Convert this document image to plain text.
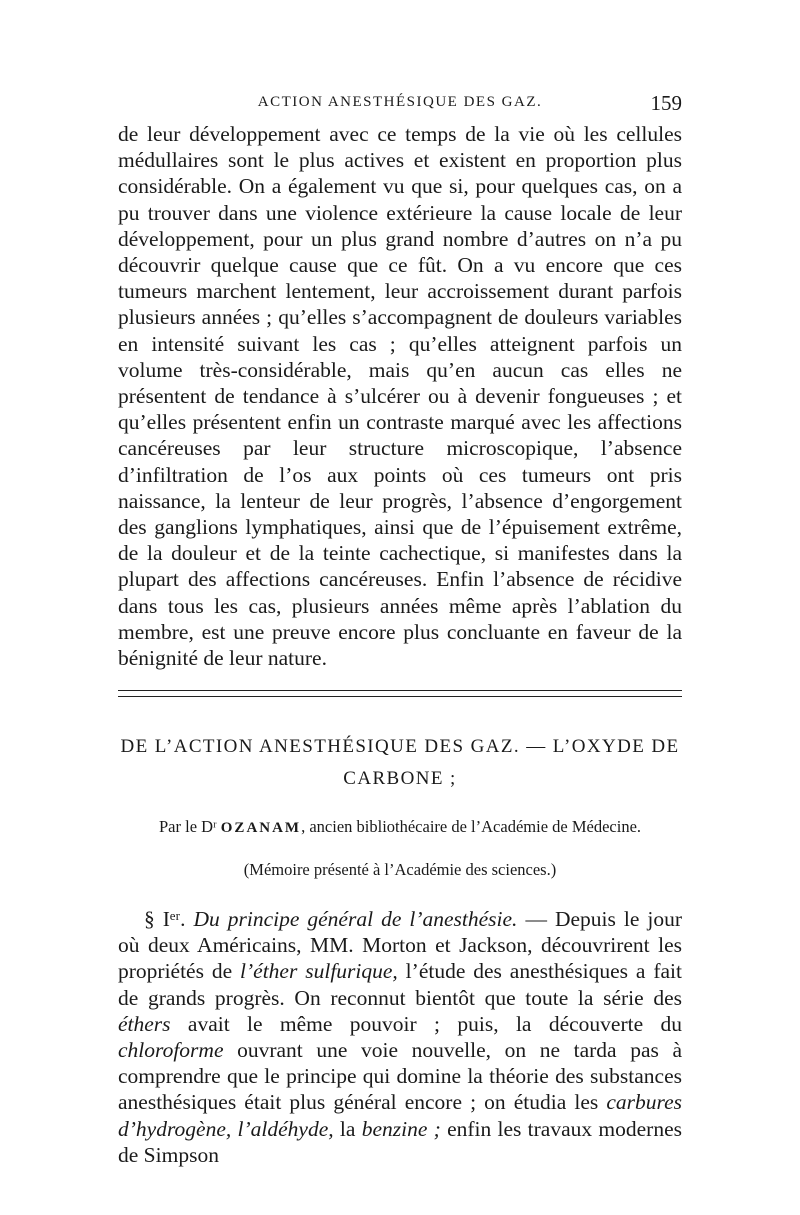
ACTION ANESTHÉSIQUE DES GAZ.	159

de leur développement avec ce temps de la vie où les cellules médullaires sont le plus actives et existent en proportion plus considérable. On a également vu que si, pour quelques cas, on a pu trouver dans une violence extérieure la cause locale de leur développement, pour un plus grand nombre d’autres on n’a pu découvrir quelque cause que ce fût. On a vu encore que ces tumeurs marchent lentement, leur accroissement durant parfois plusieurs années ; qu’elles s’accompagnent de douleurs variables en intensité suivant les cas ; qu’elles atteignent parfois un volume très-considérable, mais qu’en aucun cas elles ne présentent de tendance à s’ulcérer ou à devenir fongueuses ; et qu’elles présentent enfin un contraste marqué avec les affections cancéreuses par leur structure microscopique, l’absence d’infiltration de l’os aux points où ces tumeurs ont pris naissance, la lenteur de leur progrès, l’absence d’engorgement des ganglions lymphatiques, ainsi que de l’épuisement extrême, de la douleur et de la teinte cachectique, si manifestes dans la plupart des affections cancéreuses. Enfin l’absence de récidive dans tous les cas, plusieurs années même après l’ablation du membre, est une preuve encore plus concluante en faveur de la bénignité de leur nature.

DE L’ACTION ANESTHÉSIQUE DES GAZ. — L’OXYDE DE
CARBONE ;
Par le Dʳ OZANAM, ancien bibliothécaire de l’Académie de Médecine.
(Mémoire présenté à l’Académie des sciences.)

§ Iᵉʳ. Du principe général de l’anesthésie. — Depuis le jour où deux Américains, MM. Morton et Jackson, découvrirent les propriétés de l’éther sulfurique, l’étude des anesthésiques a fait de grands progrès. On reconnut bientôt que toute la série des éthers avait le même pouvoir ; puis, la découverte du chloroforme ouvrant une voie nouvelle, on ne tarda pas à comprendre que le principe qui domine la théorie des substances anesthésiques était plus général encore ; on étudia les carbures d’hydrogène, l’aldéhyde, la benzine ; enfin les travaux modernes de Simpson
